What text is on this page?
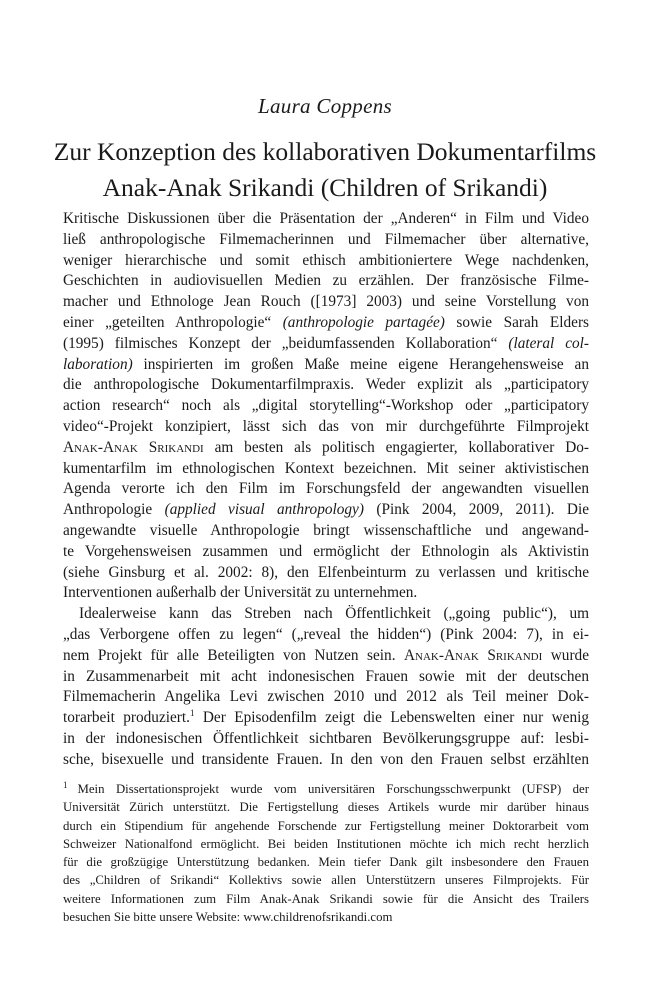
Laura Coppens
Zur Konzeption des kollaborativen Dokumentarfilms
Anak-Anak Srikandi (Children of Srikandi)
Kritische Diskussionen über die Präsentation der „Anderen“ in Film und Video
ließ anthropologische Filmemacherinnen und Filmemacher über alternative,
weniger hierarchische und somit ethisch ambitioniertere Wege nachdenken,
Geschichten in audiovisuellen Medien zu erzählen. Der französische Filme-
macher und Ethnologe Jean Rouch ([1973] 2003) und seine Vorstellung von
einer „geteilten Anthropologie“ (anthropologie partagée) sowie Sarah Elders
(1995) filmisches Konzept der „beidumfassenden Kollaboration“ (lateral col-
laboration) inspirierten im großen Maße meine eigene Herangehensweise an
die anthropologische Dokumentarfilmpraxis. Weder explizit als „participatory
action research“ noch als „digital storytelling“-Workshop oder „participatory
video“-Projekt konzipiert, lässt sich das von mir durchgeführte Filmprojekt
Anak-Anak Srikandi am besten als politisch engagierter, kollaborativer Do-
kumentarfilm im ethnologischen Kontext bezeichnen. Mit seiner aktivistischen
Agenda verorte ich den Film im Forschungsfeld der angewandten visuellen
Anthropologie (applied visual anthropology) (Pink 2004, 2009, 2011). Die
angewandte visuelle Anthropologie bringt wissenschaftliche und angewand-
te Vorgehensweisen zusammen und ermöglicht der Ethnologin als Aktivistin
(siehe Ginsburg et al. 2002: 8), den Elfenbeinturm zu verlassen und kritische
Interventionen außerhalb der Universität zu unternehmen.
Idealerweise kann das Streben nach Öffentlichkeit („going public“), um
„das Verborgene offen zu legen“ („reveal the hidden“) (Pink 2004: 7), in ei-
nem Projekt für alle Beteiligten von Nutzen sein. Anak-Anak Srikandi wurde
in Zusammenarbeit mit acht indonesischen Frauen sowie mit der deutschen
Filmemacherin Angelika Levi zwischen 2010 und 2012 als Teil meiner Dok-
torarbeit produziert.$^1$ Der Episodenfilm zeigt die Lebenswelten einer nur wenig
in der indonesischen Öffentlichkeit sichtbaren Bevölkerungsgruppe auf: lesbi-
sche, bisexuelle und transidente Frauen. In den von den Frauen selbst erzählten
$^1$ Mein Dissertationsprojekt wurde vom universitären Forschungsschwerpunkt (UFSP) der
Universität Zürich unterstützt. Die Fertigstellung dieses Artikels wurde mir darüber hinaus
durch ein Stipendium für angehende Forschende zur Fertigstellung meiner Doktorarbeit vom
Schweizer Nationalfond ermöglicht. Bei beiden Institutionen möchte ich mich recht herzlich
für die großzügige Unterstützung bedanken. Mein tiefer Dank gilt insbesondere den Frauen
des „Children of Srikandi“ Kollektivs sowie allen Unterstützern unseres Filmprojekts. Für
weitere Informationen zum Film Anak-Anak Srikandi sowie für die Ansicht des Trailers
besuchen Sie bitte unsere Website: www.childrenofsrikandi.com
